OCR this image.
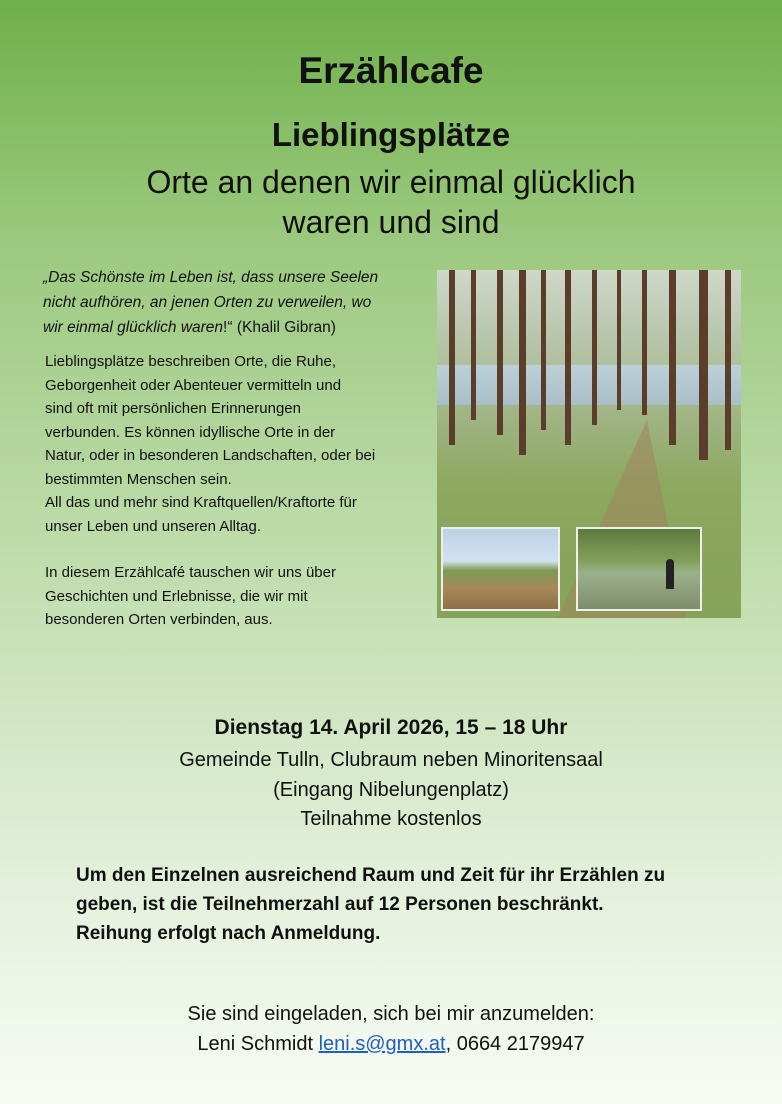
Erzählcafe
Lieblingsplätze
Orte an denen wir einmal glücklich
waren und sind
„Das Schönste im Leben ist, dass unsere Seelen
nicht aufhören, an jenen Orten zu verweilen, wo
wir einmal glücklich waren!“ (Khalil Gibran)

Lieblingsplätze beschreiben Orte, die Ruhe,

Geborgenheit oder Abenteuer vermitteln und

sind oft mit persönlichen Erinnerungen

verbunden. Es können idyllische Orte in der

Natur, oder in besonderen Landschaften, oder bei

bestimmten Menschen sein.

All das und mehr sind Kraftquellen/Kraftorte für

unser Leben und unseren Alltag.

In diesem Erzählcafé tauschen wir uns über

Geschichten und Erlebnisse, die wir mit

besonderen Orten verbinden, aus.

Dienstag 14. April 2026, 15 – 18 Uhr
Gemeinde Tulln, Clubraum neben Minoritensaal
(Eingang Nibelungenplatz)
Teilnahme kostenlos
Um den Einzelnen ausreichend Raum und Zeit für ihr Erzählen zu
geben, ist die Teilnehmerzahl auf 12 Personen beschränkt.
Reihung erfolgt nach Anmeldung.
Sie sind eingeladen, sich bei mir anzumelden:
Leni Schmidt leni.s@gmx.at, 0664 2179947
